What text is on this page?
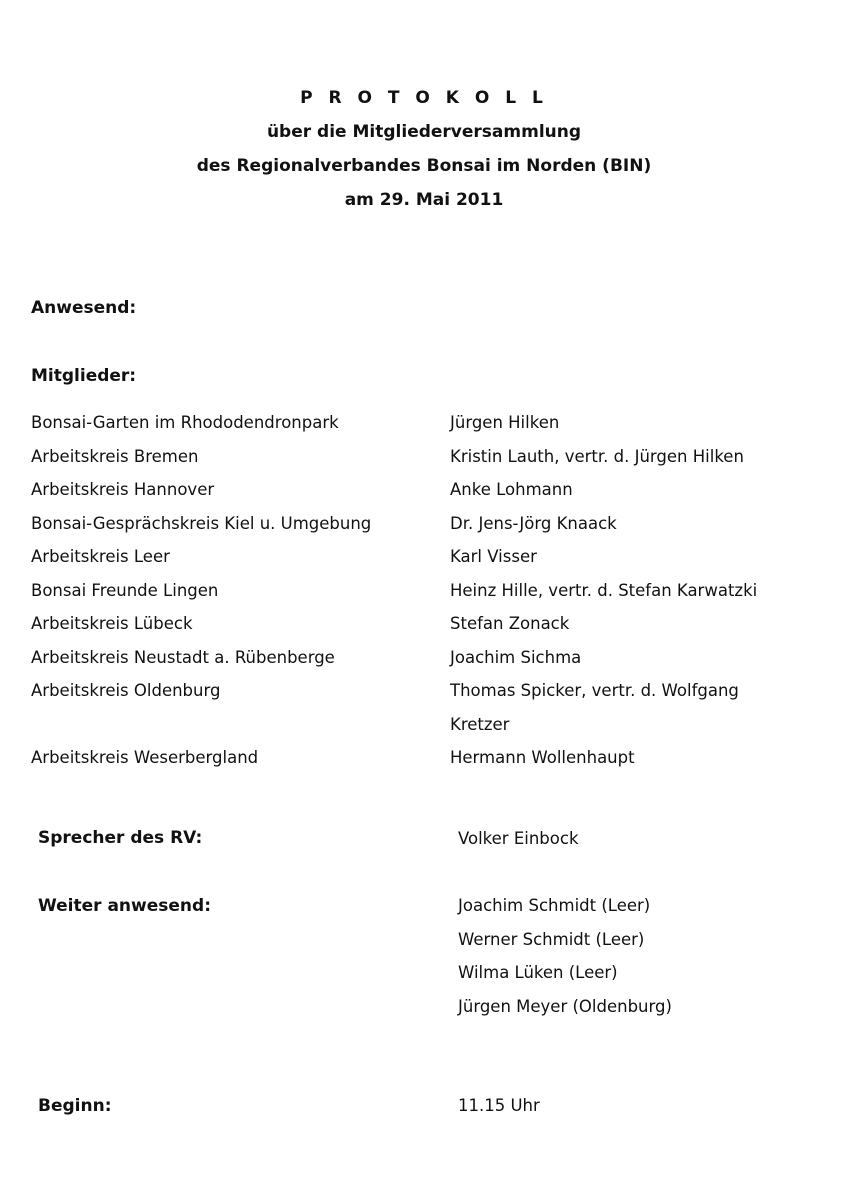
P R O T O K O L L
über die Mitgliederversammlung
des Regionalverbandes Bonsai im Norden (BIN)
am 29. Mai 2011
Anwesend:
Mitglieder:
Bonsai-Garten im Rhododendronpark	Jürgen Hilken
Arbeitskreis Bremen	Kristin Lauth, vertr. d. Jürgen Hilken
Arbeitskreis Hannover	Anke Lohmann
Bonsai-Gesprächskreis Kiel u. Umgebung	Dr. Jens-Jörg Knaack
Arbeitskreis Leer	Karl Visser
Bonsai Freunde Lingen	Heinz Hille, vertr. d. Stefan Karwatzki
Arbeitskreis Lübeck	Stefan Zonack
Arbeitskreis Neustadt a. Rübenberge	Joachim Sichma
Arbeitskreis Oldenburg	Thomas Spicker, vertr. d. Wolfgang Kretzer
Arbeitskreis Weserbergland	Hermann Wollenhaupt
Sprecher des RV:	Volker Einbock
Weiter anwesend:	Joachim Schmidt (Leer)
Werner Schmidt (Leer)
Wilma Lüken (Leer)
Jürgen Meyer (Oldenburg)
Beginn:	11.15 Uhr
